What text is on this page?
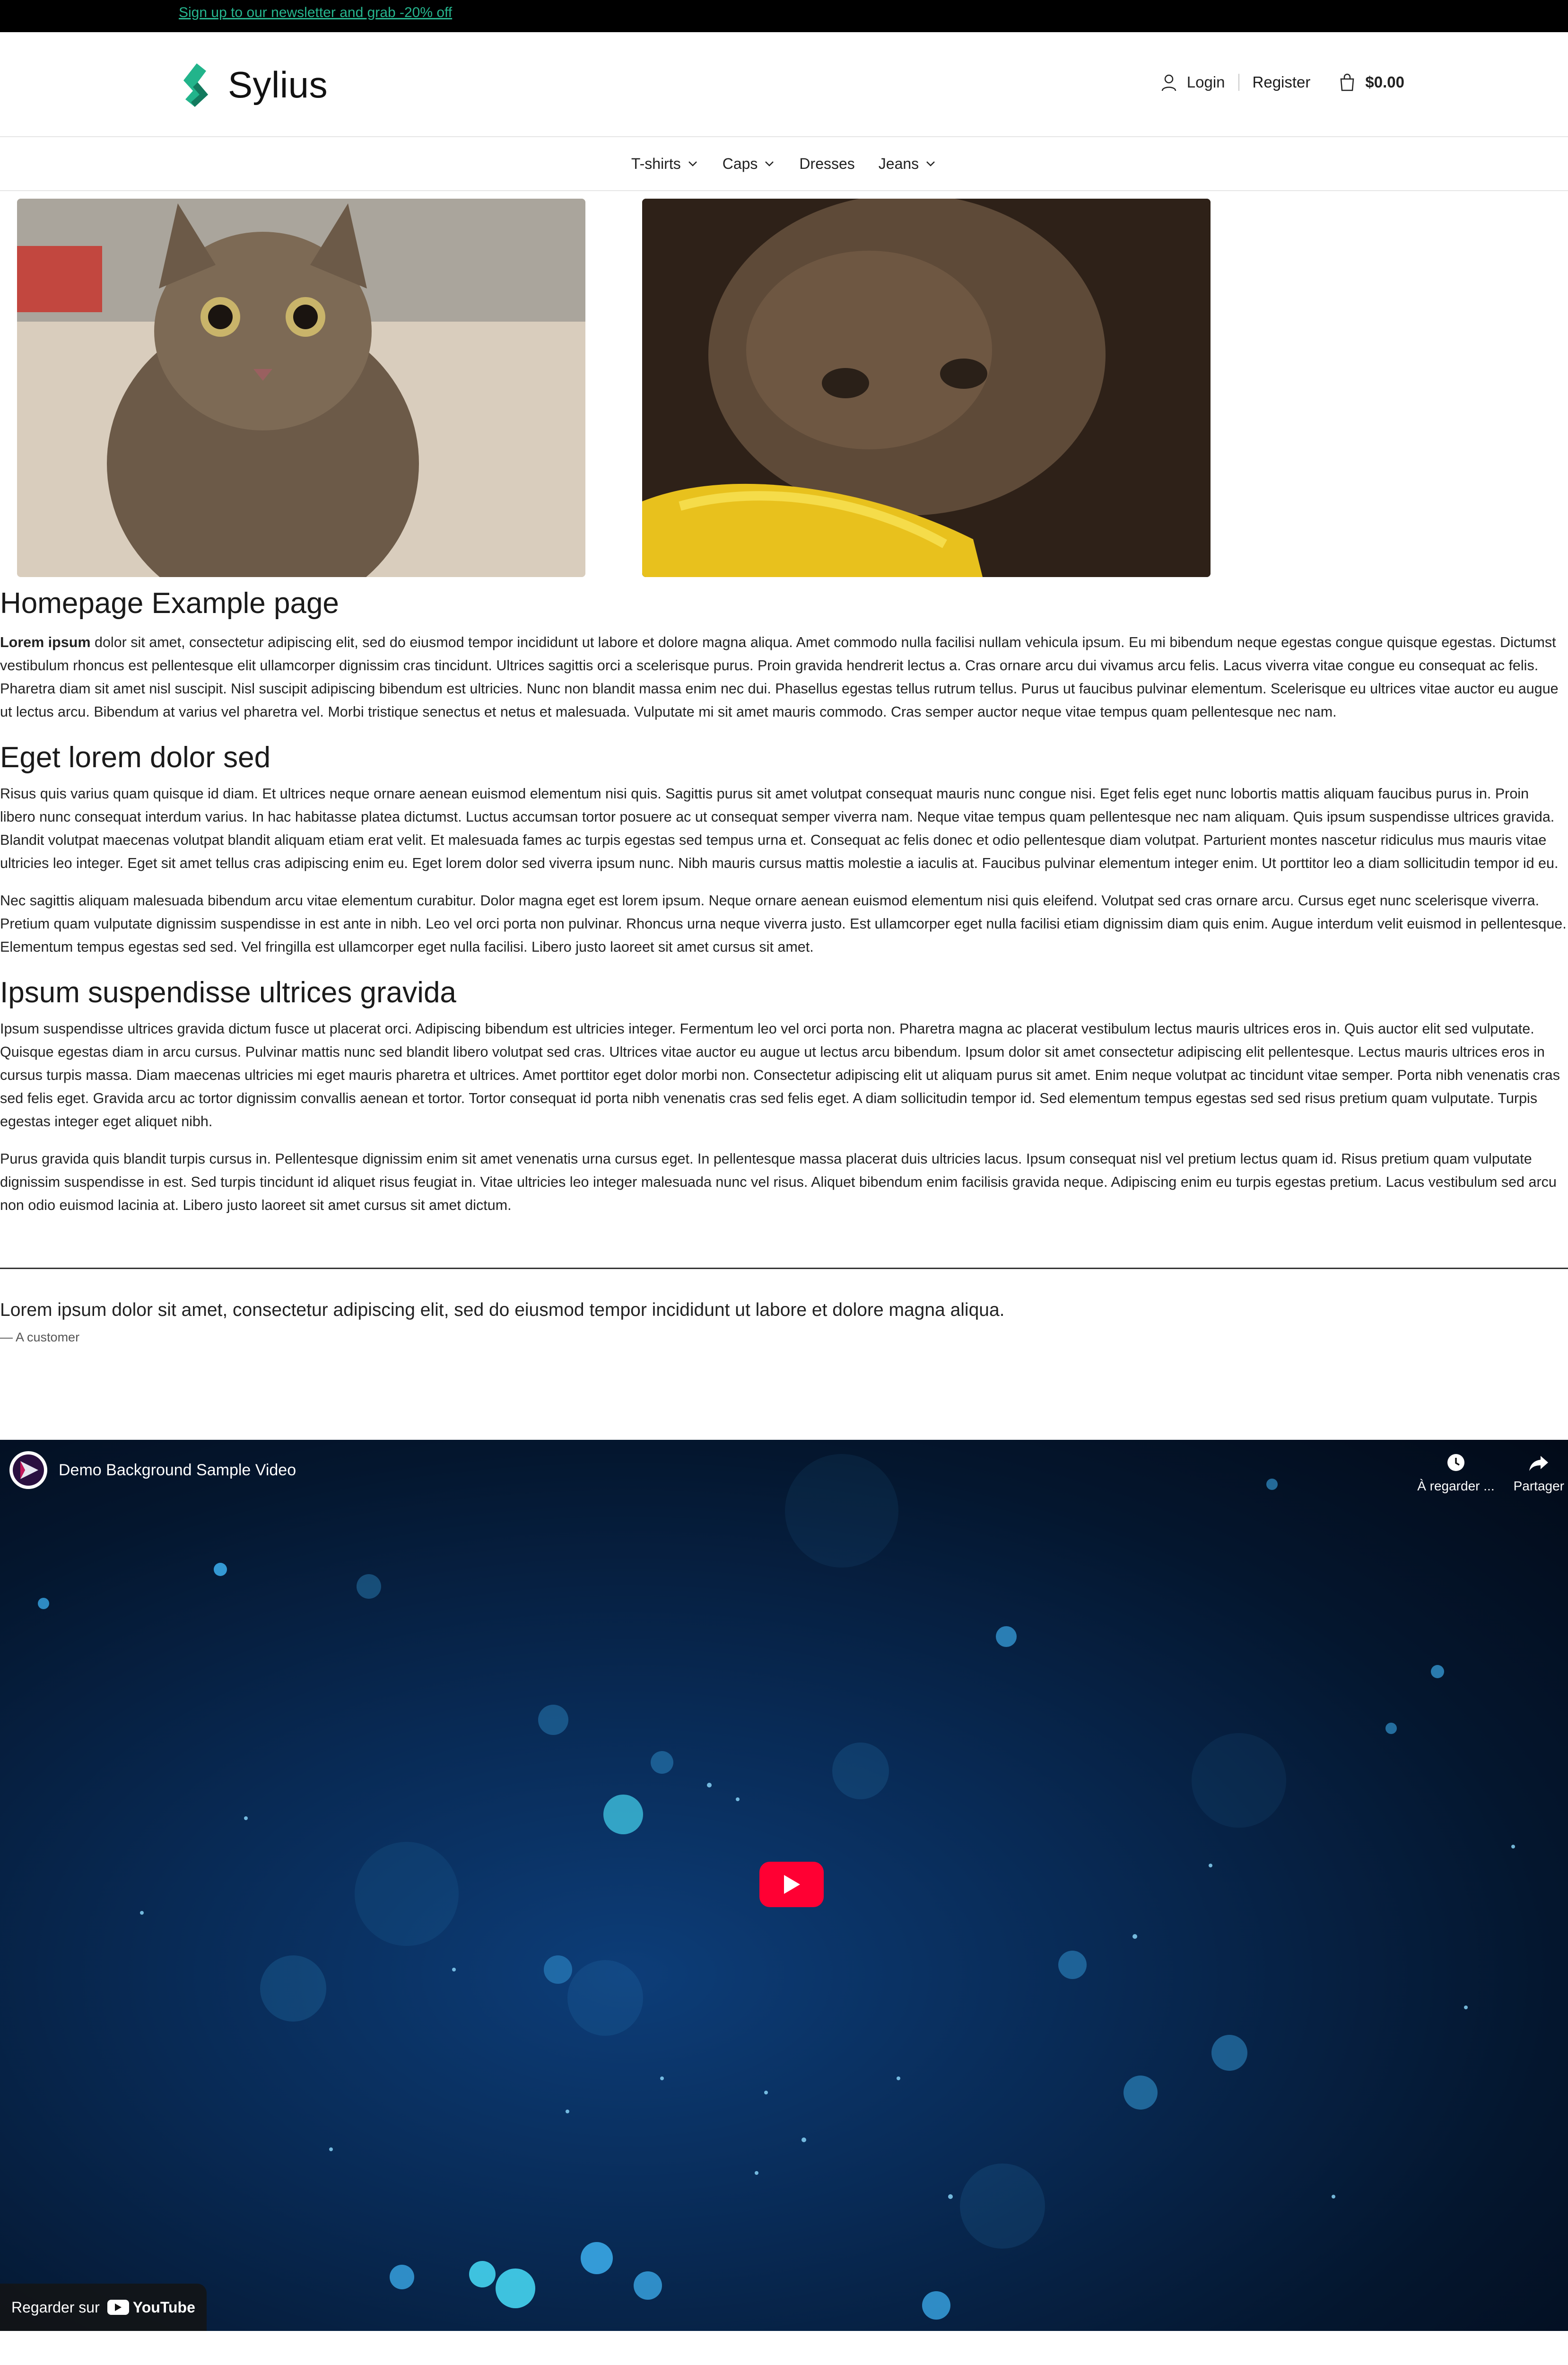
Sign up to our newsletter and grab -20% off
Sylius	Login Register	$0.00
T-shirts	Caps	Dresses Jeans
Homepage Example page

Lorem ipsum dolor sit amet, consectetur adipiscing elit, sed do eiusmod tempor incididunt ut labore et dolore magna aliqua. Amet commodo nulla facilisi nullam vehicula ipsum. Eu mi bibendum neque egestas congue quisque egestas. Dictumst vestibulum rhoncus est pellentesque elit ullamcorper dignissim cras tincidunt. Ultrices sagittis orci a scelerisque purus. Proin gravida hendrerit lectus a. Cras ornare arcu dui vivamus arcu felis. Lacus viverra vitae congue eu consequat ac felis. Pharetra diam sit amet nisl suscipit. Nisl suscipit adipiscing bibendum est ultricies. Nunc non blandit massa enim nec dui. Phasellus egestas tellus rutrum tellus. Purus ut faucibus pulvinar elementum. Scelerisque eu ultrices vitae auctor eu augue ut lectus arcu. Bibendum at varius vel pharetra vel. Morbi tristique senectus et netus et malesuada. Vulputate mi sit amet mauris commodo. Cras semper auctor neque vitae tempus quam pellentesque nec nam.

Eget lorem dolor sed

Risus quis varius quam quisque id diam. Et ultrices neque ornare aenean euismod elementum nisi quis. Sagittis purus sit amet volutpat consequat mauris nunc congue nisi. Eget felis eget nunc lobortis mattis aliquam faucibus purus in. Proin libero nunc consequat interdum varius. In hac habitasse platea dictumst. Luctus accumsan tortor posuere ac ut consequat semper viverra nam. Neque vitae tempus quam pellentesque nec nam aliquam. Quis ipsum suspendisse ultrices gravida. Blandit volutpat maecenas volutpat blandit aliquam etiam erat velit. Et malesuada fames ac turpis egestas sed tempus urna et. Consequat ac felis donec et odio pellentesque diam volutpat. Parturient montes nascetur ridiculus mus mauris vitae ultricies leo integer. Eget sit amet tellus cras adipiscing enim eu. Eget lorem dolor sed viverra ipsum nunc. Nibh mauris cursus mattis molestie a iaculis at. Faucibus pulvinar elementum integer enim. Ut porttitor leo a diam sollicitudin tempor id eu.

Nec sagittis aliquam malesuada bibendum arcu vitae elementum curabitur. Dolor magna eget est lorem ipsum. Neque ornare aenean euismod elementum nisi quis eleifend. Volutpat sed cras ornare arcu. Cursus eget nunc scelerisque viverra. Pretium quam vulputate dignissim suspendisse in est ante in nibh. Leo vel orci porta non pulvinar. Rhoncus urna neque viverra justo. Est ullamcorper eget nulla facilisi etiam dignissim diam quis enim. Augue interdum velit euismod in pellentesque. Elementum tempus egestas sed sed. Vel fringilla est ullamcorper eget nulla facilisi. Libero justo laoreet sit amet cursus sit amet.

Ipsum suspendisse ultrices gravida

Ipsum suspendisse ultrices gravida dictum fusce ut placerat orci. Adipiscing bibendum est ultricies integer. Fermentum leo vel orci porta non. Pharetra magna ac placerat vestibulum lectus mauris ultrices eros in. Quis auctor elit sed vulputate. Quisque egestas diam in arcu cursus. Pulvinar mattis nunc sed blandit libero volutpat sed cras. Ultrices vitae auctor eu augue ut lectus arcu bibendum. Ipsum dolor sit amet consectetur adipiscing elit pellentesque. Lectus mauris ultrices eros in cursus turpis massa. Diam maecenas ultricies mi eget mauris pharetra et ultrices. Amet porttitor eget dolor morbi non. Consectetur adipiscing elit ut aliquam purus sit amet. Enim neque volutpat ac tincidunt vitae semper. Porta nibh venenatis cras sed felis eget. Gravida arcu ac tortor dignissim convallis aenean et tortor. Tortor consequat id porta nibh venenatis cras sed felis eget. A diam sollicitudin tempor id. Sed elementum tempus egestas sed sed risus pretium quam vulputate. Turpis egestas integer eget aliquet nibh.

Purus gravida quis blandit turpis cursus in. Pellentesque dignissim enim sit amet venenatis urna cursus eget. In pellentesque massa placerat duis ultricies lacus. Ipsum consequat nisl vel pretium lectus quam id. Risus pretium quam vulputate dignissim suspendisse in est. Sed turpis tincidunt id aliquet risus feugiat in. Vitae ultricies leo integer malesuada nunc vel risus. Aliquet bibendum enim facilisis gravida neque. Adipiscing enim eu turpis egestas pretium. Lacus vestibulum sed arcu non odio euismod lacinia at. Libero justo laoreet sit amet cursus sit amet dictum.

Lorem ipsum dolor sit amet, consectetur adipiscing elit, sed do eiusmod tempor incididunt ut labore et dolore magna aliqua.
— A customer
Demo Background Sample Video
À regarder ... Partager
Regarder sur YouTube
